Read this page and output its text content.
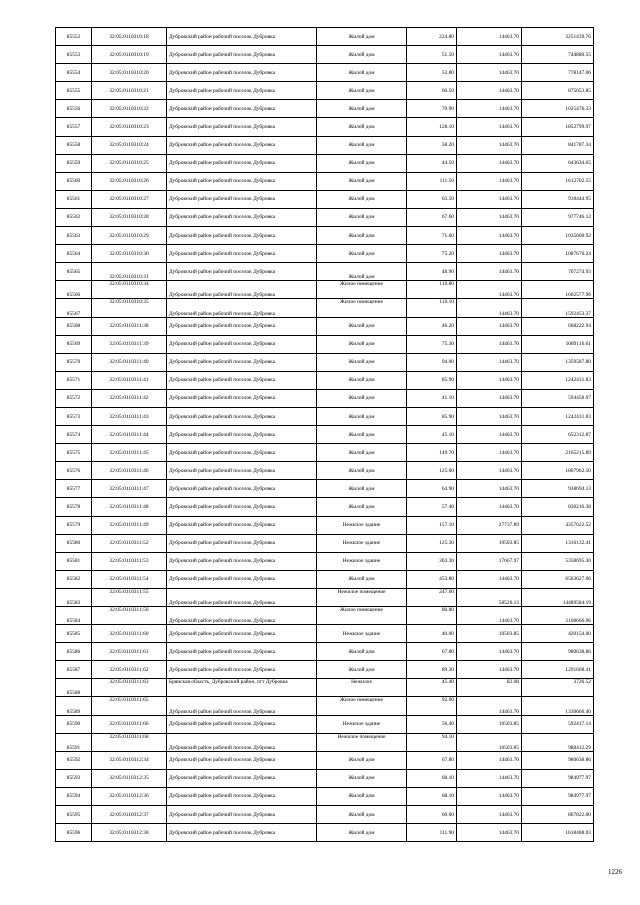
85552	32:05:0110310:18	Дубровский район рабочий поселок Дубровка	Жилой дом	224.80	14463.70	3251439.76
85553	32:05:0110310:19	Дубровский район рабочий поселок Дубровка	Жилой дом	51.50	14463.70	744880.55
85554	32:05:0110310:20	Дубровский район рабочий поселок Дубровка	Жилой дом	53.80	14463.70	778147.06
85555	32:05:0110310:21	Дубровский район рабочий поселок Дубровка	Жилой дом	60.50	14463.70	875053.85
85556	32:05:0110310:22	Дубровский район рабочий поселок Дубровка	Жилой дом	70.90	14463.70	1025476.33
85557	32:05:0110310:23	Дубровский район рабочий поселок Дубровка	Жилой дом	128.10	14463.70	1852799.97
85558	32:05:0110310:24	Дубровский район рабочий поселок Дубровка	Жилой дом	58.20	14463.70	841787.34
85559	32:05:0110310:25	Дубровский район рабочий поселок Дубровка	Жилой дом	44.50	14463.70	643634.65
85560	32:05:0110310:26	Дубровский район рабочий поселок Дубровка	Жилой дом	111.50	14463.70	1612702.55
85561	32:05:0110310:27	Дубровский район рабочий поселок Дубровка	Жилой дом	63.50	14463.70	918444.95
85562	32:05:0110310:28	Дубровский район рабочий поселок Дубровка	Жилой дом	67.60	14463.70	977746.12
85563	32:05:0110310:29	Дубровский район рабочий поселок Дубровка	Жилой дом	71.60	14463.70	1035600.92
85564	32:05:0110310:30	Дубровский район рабочий поселок Дубровка	Жилой дом	75.20	14463.70	1087670.24
85565	32:05:0110310:31	Дубровский район рабочий поселок Дубровка	Жилой дом	48.90	14463.70	707274.93
85566	32:05:0110310:34	Дубровский район рабочий поселок Дубровка	Жилое помещение	110.80	14463.70	1602577.96
85567	32:05:0110310:35	Дубровский район рабочий поселок Дубровка	Жилое помещение	110.10	14463.70	1592453.37
85568	32:05:0110311:38	Дубровский район рабочий поселок Дубровка	Жилой дом	46.20	14463.70	668222.94
85569	32:05:0110311:39	Дубровский район рабочий поселок Дубровка	Жилой дом	75.30	14463.70	1089116.61
85570	32:05:0110311:40	Дубровский район рабочий поселок Дубровка	Жилой дом	94.00	14463.70	1359587.80
85571	32:05:0110311:41	Дубровский район рабочий поселок Дубровка	Жилой дом	85.90	14463.70	1242431.83
85572	32:05:0110311:42	Дубровский район рабочий поселок Дубровка	Жилой дом	41.10	14463.70	594458.07
85573	32:05:0110311:43	Дубровский район рабочий поселок Дубровка	Жилой дом	85.90	14463.70	1242431.83
85574	32:05:0110311:44	Дубровский район рабочий поселок Дубровка	Жилой дом	45.10	14463.70	652312.87
85575	32:05:0110311:45	Дубровский район рабочий поселок Дубровка	Жилой дом	149.70	14463.70	2165215.89
85576	32:05:0110311:46	Дубровский район рабочий поселок Дубровка	Жилой дом	125.00	14463.70	1807962.50
85577	32:05:0110311:47	Дубровский район рабочий поселок Дубровка	Жилой дом	64.90	14463.70	938694.13
85578	32:05:0110311:48	Дубровский район рабочий поселок Дубровка	Жилой дом	57.40	14463.70	830216.38
85579	32:05:0110311:49	Дубровский район рабочий поселок Дубровка	Нежилое здание	157.10	27737.89	4357622.52
85580	32:05:0110311:52	Дубровский район рабочий поселок Дубровка	Нежилое здание	125.30	10503.85	1316132.41
85581	32:05:0110311:53	Дубровский район рабочий поселок Дубровка	Нежилое здание	303.30	17667.97	5358695.30
85582	32:05:0110311:54	Дубровский район рабочий поселок Дубровка	Жилой дом	453.80	14463.70	6563627.06
85583	32:05:0110311:55	Дубровский район рабочий поселок Дубровка	Нежилое помещение	247.60	58520.13	14489584.19
85584	32:05:0110311:56	Дубровский район рабочий поселок Дубровка	Жилое помещение	80.80	14463.70	1168666.96
85585	32:05:0110311:60	Дубровский район рабочий поселок Дубровка	Нежилое здание	40.00	10503.85	420154.00
85586	32:05:0110311:61	Дубровский район рабочий поселок Дубровка	Жилой дом	67.80	14463.70	980638.86
85587	32:05:0110311:62	Дубровский район рабочий поселок Дубровка	Жилой дом	89.30	14463.70	1291608.41
85588	32:05:0110311:63	Брянская область, Дубровский район, пгт Дубровка	Нежилое	45.40	82.08	3726.52
85589	32:05:0110311:65	Дубровский район рабочий поселок Дубровка	Жилое помещение	92.00	14463.70	1330660.40
85590	32:05:0110311:66	Дубровский район рабочий поселок Дубровка	Нежилое здание	56.40	10503.85	592417.14
85591	32:05:0110311:68	Дубровский район рабочий поселок Дубровка	Нежилое помещение	94.10	10503.85	988412.29
85592	32:05:0110312:34	Дубровский район рабочий поселок Дубровка	Жилой дом	67.80	14463.70	980638.86
85593	32:05:0110312:35	Дубровский район рабочий поселок Дубровка	Жилой дом	68.10	14463.70	984977.97
85594	32:05:0110312:36	Дубровский район рабочий поселок Дубровка	Жилой дом	68.10	14463.70	984977.97
85595	32:05:0110312:37	Дубровский район рабочий поселок Дубровка	Жилой дом	60.00	14463.70	867822.00
85596	32:05:0110312:38	Дубровский район рабочий поселок Дубровка	Жилой дом	111.90	14463.70	1618488.03
1226
